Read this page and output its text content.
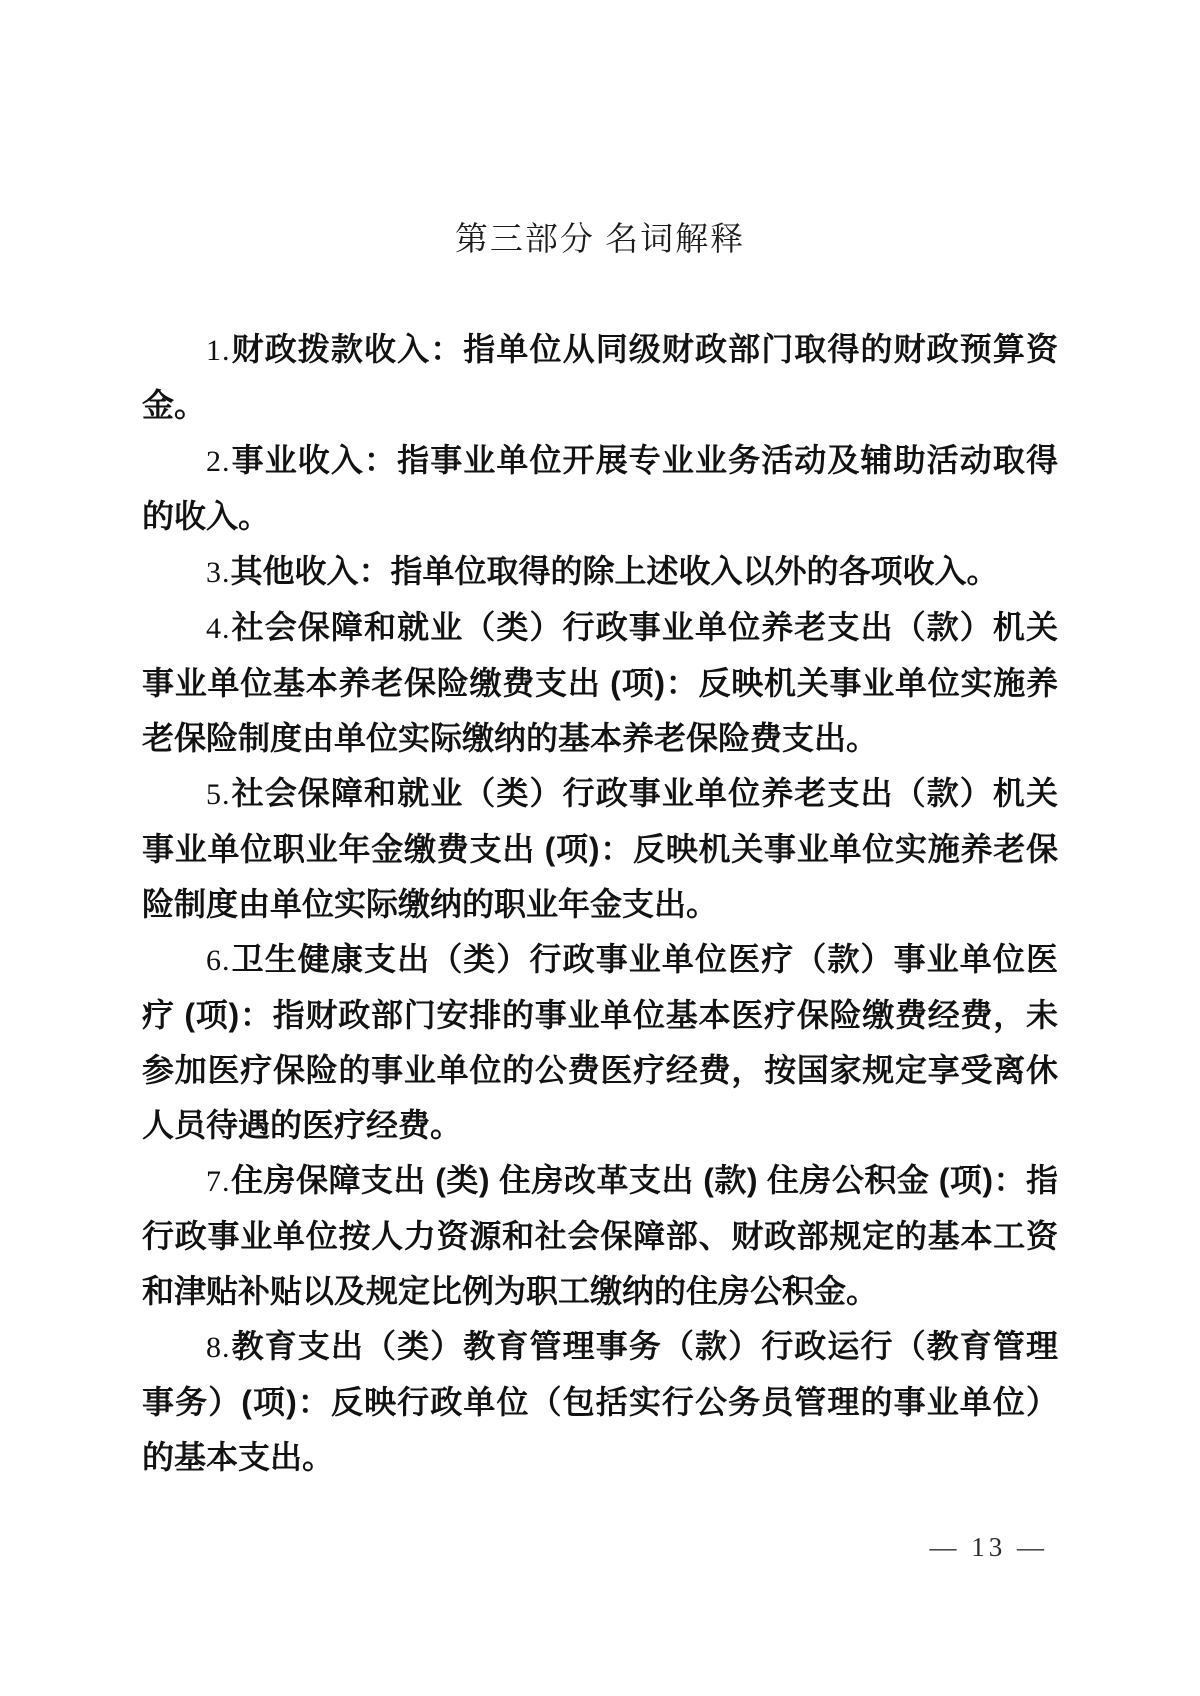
第三部分 名词解释

1.财政拨款收入：指单位从同级财政部门取得的财政预算资金。

2.事业收入：指事业单位开展专业业务活动及辅助活动取得的收入。

3.其他收入：指单位取得的除上述收入以外的各项收入。

4.社会保障和就业（类）行政事业单位养老支出（款）机关事业单位基本养老保险缴费支出 (项)：反映机关事业单位实施养老保险制度由单位实际缴纳的基本养老保险费支出。

5.社会保障和就业（类）行政事业单位养老支出（款）机关事业单位职业年金缴费支出 (项)：反映机关事业单位实施养老保险制度由单位实际缴纳的职业年金支出。

6.卫生健康支出（类）行政事业单位医疗（款）事业单位医疗 (项)：指财政部门安排的事业单位基本医疗保险缴费经费，未参加医疗保险的事业单位的公费医疗经费，按国家规定享受离休人员待遇的医疗经费。

7.住房保障支出 (类) 住房改革支出 (款) 住房公积金 (项)：指行政事业单位按人力资源和社会保障部、财政部规定的基本工资和津贴补贴以及规定比例为职工缴纳的住房公积金。

8.教育支出（类）教育管理事务（款）行政运行（教育管理事务）(项)：反映行政单位（包括实行公务员管理的事业单位）的基本支出。

— 13 —
